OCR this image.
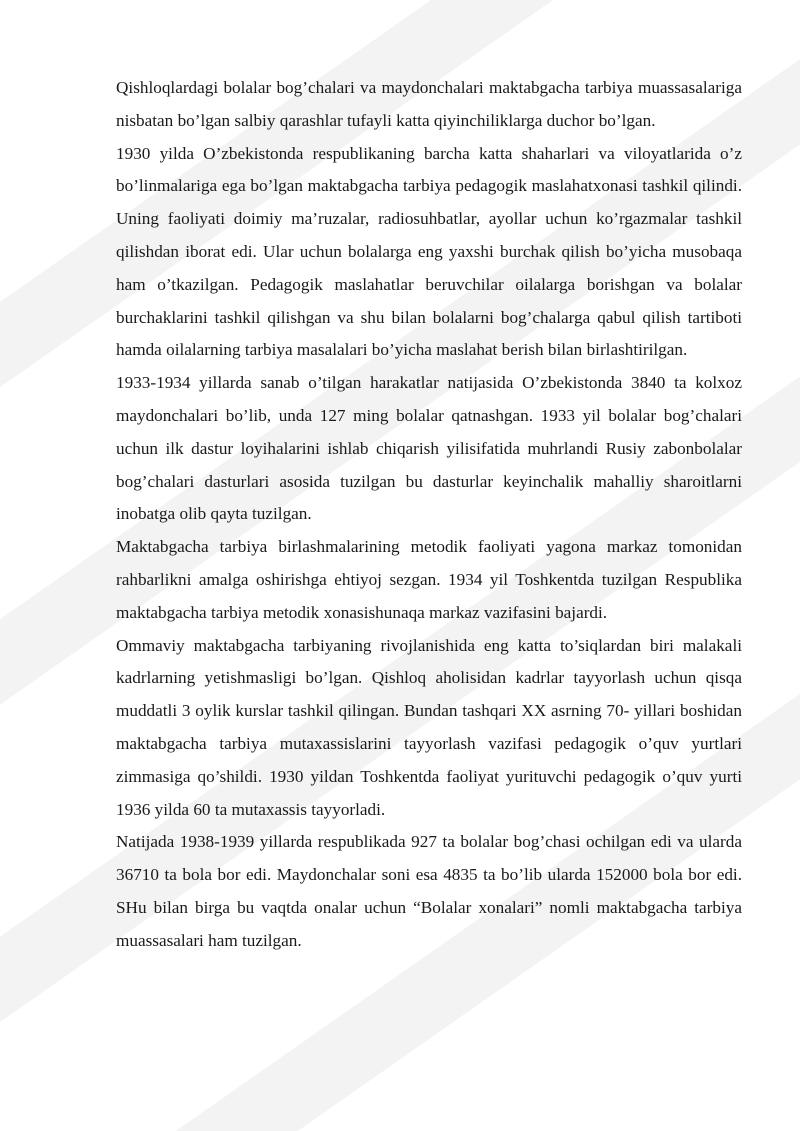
Qishloqlardagi bolalar bog’chalari va maydonchalari maktabgacha tarbiya muassasalariga nisbatan bo’lgan salbiy qarashlar tufayli katta qiyinchiliklarga duchor bo’lgan.

1930 yilda O’zbekistonda respublikaning barcha katta shaharlari va viloyatlarida o’z bo’linmalariga ega bo’lgan maktabgacha tarbiya pedagogik maslahatxonasi tashkil qilindi. Uning faoliyati doimiy ma’ruzalar, radiosuhbatlar, ayollar uchun ko’rgazmalar tashkil qilishdan iborat edi. Ular uchun bolalarga eng yaxshi burchak qilish bo’yicha musobaqa ham o’tkazilgan. Pedagogik maslahatlar beruvchilar oilalarga borishgan va bolalar burchaklarini tashkil qilishgan va shu bilan bolalarni bog’chalarga qabul qilish tartiboti hamda oilalarning tarbiya masalalari bo’yicha maslahat berish bilan birlashtirilgan.

1933-1934 yillarda sanab o’tilgan harakatlar natijasida O’zbekistonda 3840 ta kolxoz maydonchalari bo’lib, unda 127 ming bolalar qatnashgan. 1933 yil bolalar bog’chalari uchun ilk dastur loyihalarini ishlab chiqarish yilisifatida muhrlandi Rusiy zabonbolalar bog’chalari dasturlari asosida tuzilgan bu dasturlar keyinchalik mahalliy sharoitlarni inobatga olib qayta tuzilgan.

Maktabgacha tarbiya birlashmalarining metodik faoliyati yagona markaz tomonidan rahbarlikni amalga oshirishga ehtiyoj sezgan. 1934 yil Toshkentda tuzilgan Respublika maktabgacha tarbiya metodik xonasishunaqa markaz vazifasini bajardi.

Ommaviy maktabgacha tarbiyaning rivojlanishida eng katta to’siqlardan biri malakali kadrlarning yetishmasligi bo’lgan. Qishloq aholisidan kadrlar tayyorlash uchun qisqa muddatli 3 oylik kurslar tashkil qilingan. Bundan tashqari XX asrning 70- yillari boshidan maktabgacha tarbiya mutaxassislarini tayyorlash vazifasi pedagogik o’quv yurtlari zimmasiga qo’shildi. 1930 yildan Toshkentda faoliyat yurituvchi pedagogik o’quv yurti 1936 yilda 60 ta mutaxassis tayyorladi.

Natijada 1938-1939 yillarda respublikada 927 ta bolalar bog’chasi ochilgan edi va ularda 36710 ta bola bor edi. Maydonchalar soni esa 4835 ta bo’lib ularda 152000 bola bor edi. SHu bilan birga bu vaqtda onalar uchun “Bolalar xonalari” nomli maktabgacha tarbiya muassasalari ham tuzilgan.
